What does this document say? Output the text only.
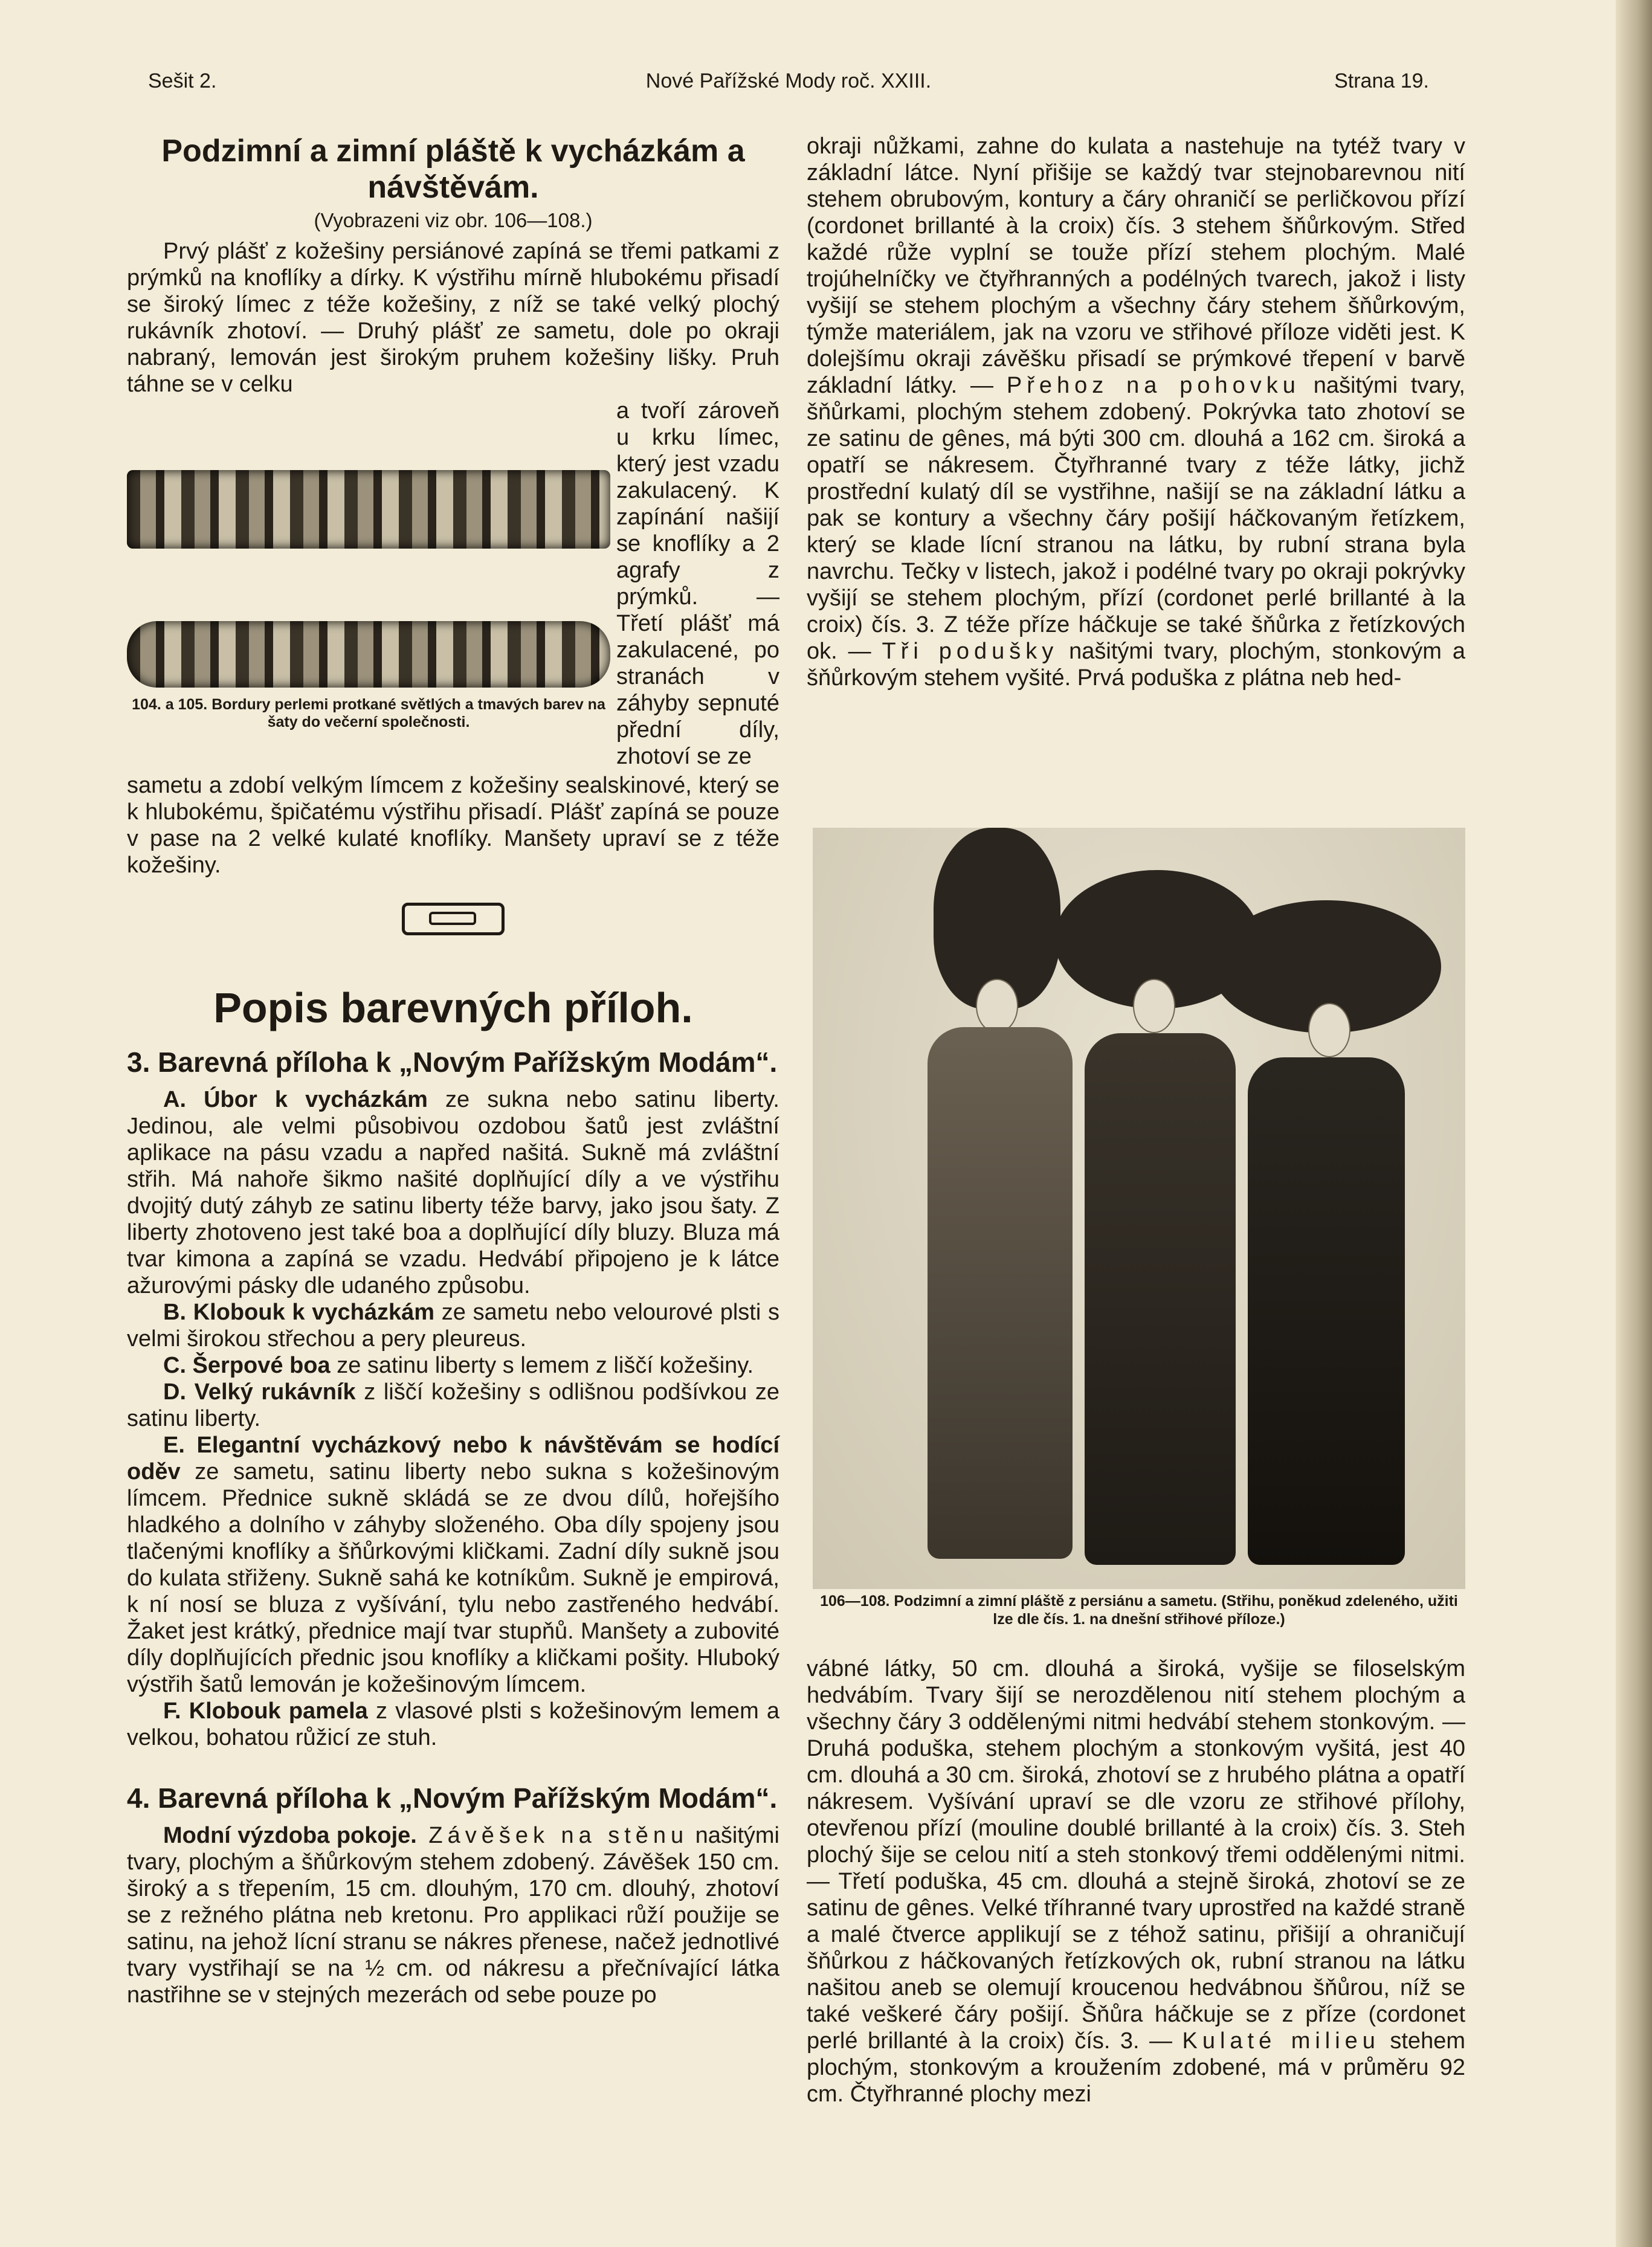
Sešit 2.	Nové Pařížské Mody roč. XXIII.	Strana 19.
Podzimní a zimní pláště k vycházkám a návštěvám.
(Vyobrazeni viz obr. 106—108.)

Prvý plášť z kožešiny persiánové zapíná se třemi patkami z prýmků na knoflíky a dírky. K výstřihu mírně hlubokému přisadí se široký límec z téže kožešiny, z níž se také velký plochý rukávník zhotoví. — Druhý plášť ze sametu, dole po okraji nabraný, lemován jest širokým pruhem kožešiny lišky. Pruh táhne se v celku

104. a 105. Bordury perlemi protkané světlých a tmavých barev na šaty do večerní společnosti.

a tvoří zároveň u krku límec, který jest vzadu zakulacený. K zapínání našijí se knoflíky a 2 agrafy z prýmků. — Třetí plášť má zakulacené, po stranách v záhyby sepnuté přední díly, zhotoví se ze

sametu a zdobí velkým límcem z kožešiny sealskinové, který se k hlubokému, špičatému výstřihu přisadí. Plášť zapíná se pouze v pase na 2 velké kulaté knoflíky. Manšety upraví se z téže kožešiny.

Popis barevných příloh.
3. Barevná příloha k „Novým Pařížským Modám“.

A. Úbor k vycházkám ze sukna nebo satinu liberty. Jedinou, ale velmi působivou ozdobou šatů jest zvláštní aplikace na pásu vzadu a napřed našitá. Sukně má zvláštní střih. Má nahoře šikmo našité doplňující díly a ve výstřihu dvojitý dutý záhyb ze satinu liberty téže barvy, jako jsou šaty. Z liberty zhotoveno jest také boa a doplňující díly bluzy. Bluza má tvar kimona a zapíná se vzadu. Hedvábí připojeno je k látce ažurovými pásky dle udaného způsobu.

B. Klobouk k vycházkám ze sametu nebo velourové plsti s velmi širokou střechou a pery pleureus.

C. Šerpové boa ze satinu liberty s lemem z liščí kožešiny.

D. Velký rukávník z liščí kožešiny s odlišnou podšívkou ze satinu liberty.

E. Elegantní vycházkový nebo k návštěvám se hodící oděv ze sametu, satinu liberty nebo sukna s kožešinovým límcem. Přednice sukně skládá se ze dvou dílů, hořejšího hladkého a dolního v záhyby složeného. Oba díly spojeny jsou tlačenými knoflíky a šňůrkovými kličkami. Zadní díly sukně jsou do kulata střiženy. Sukně sahá ke kotníkům. Sukně je empirová, k ní nosí se bluza z vyšívání, tylu nebo zastřeného hedvábí. Žaket jest krátký, přednice mají tvar stupňů. Manšety a zubovité díly doplňujících přednic jsou knoflíky a kličkami pošity. Hluboký výstřih šatů lemován je kožešinovým límcem.

F. Klobouk pamela z vlasové plsti s kožešinovým lemem a velkou, bohatou růžicí ze stuh.

4. Barevná příloha k „Novým Pařížským Modám“.

Modní výzdoba pokoje. Závěšek na stěnu našitými tvary, plochým a šňůrkovým stehem zdobený. Závěšek 150 cm. široký a s třepením, 15 cm. dlouhým, 170 cm. dlouhý, zhotoví se z režného plátna neb kretonu. Pro applikaci růží použije se satinu, na jehož lícní stranu se nákres přenese, načež jednotlivé tvary vystřihají se na ½ cm. od nákresu a přečnívající látka nastřihne se v stejných mezerách od sebe pouze po

okraji nůžkami, zahne do kulata a nastehuje na tytéž tvary v základní látce. Nyní přišije se každý tvar stejnobarevnou nití stehem obrubovým, kontury a čáry ohraničí se perličkovou přízí (cordonet brillanté à la croix) čís. 3 stehem šňůrkovým. Střed každé růže vyplní se touže přízí stehem plochým. Malé trojúhelníčky ve čtyřhranných a podélných tvarech, jakož i listy vyšijí se stehem plochým a všechny čáry stehem šňůrkovým, týmže materiálem, jak na vzoru ve střihové příloze viděti jest. K dolejšímu okraji závěšku přisadí se prýmkové třepení v barvě základní látky. — Přehoz na pohovku našitými tvary, šňůrkami, plochým stehem zdobený. Pokrývka tato zhotoví se ze satinu de gênes, má býti 300 cm. dlouhá a 162 cm. široká a opatří se nákresem. Čtyřhranné tvary z téže látky, jichž prostřední kulatý díl se vystřihne, našijí se na základní látku a pak se kontury a všechny čáry pošijí háčkovaným řetízkem, který se klade lícní stranou na látku, by rubní strana byla navrchu. Tečky v listech, jakož i podélné tvary po okraji pokrývky vyšijí se stehem plochým, přízí (cordonet perlé brillanté à la croix) čís. 3. Z téže příze háčkuje se také šňůrka z řetízkových ok. — Tři podušky našitými tvary, plochým, stonkovým a šňůrkovým stehem vyšité. Prvá poduška z plátna neb hed-

106—108. Podzimní a zimní pláště z persiánu a sametu. (Střihu, poněkud zdeleného, užiti lze dle čís. 1. na dnešní střihové příloze.)

vábné látky, 50 cm. dlouhá a široká, vyšije se filoselským hedvábím. Tvary šijí se nerozdělenou nití stehem plochým a všechny čáry 3 oddělenými nitmi hedvábí stehem stonkovým. — Druhá poduška, stehem plochým a stonkovým vyšitá, jest 40 cm. dlouhá a 30 cm. široká, zhotoví se z hrubého plátna a opatří nákresem. Vyšívání upraví se dle vzoru ze střihové přílohy, otevřenou přízí (mouline doublé brillanté à la croix) čís. 3. Steh plochý šije se celou nití a steh stonkový třemi oddělenými nitmi. — Třetí poduška, 45 cm. dlouhá a stejně široká, zhotoví se ze satinu de gênes. Velké tříhranné tvary uprostřed na každé straně a malé čtverce applikují se z téhož satinu, přišijí a ohraničují šňůrkou z háčkovaných řetízkových ok, rubní stranou na látku našitou aneb se olemují kroucenou hedvábnou šňůrou, níž se také veškeré čáry pošijí. Šňůra háčkuje se z příze (cordonet perlé brillanté à la croix) čís. 3. — Kulaté milieu stehem plochým, stonkovým a kroužením zdobené, má v průměru 92 cm. Čtyřhranné plochy mezi
